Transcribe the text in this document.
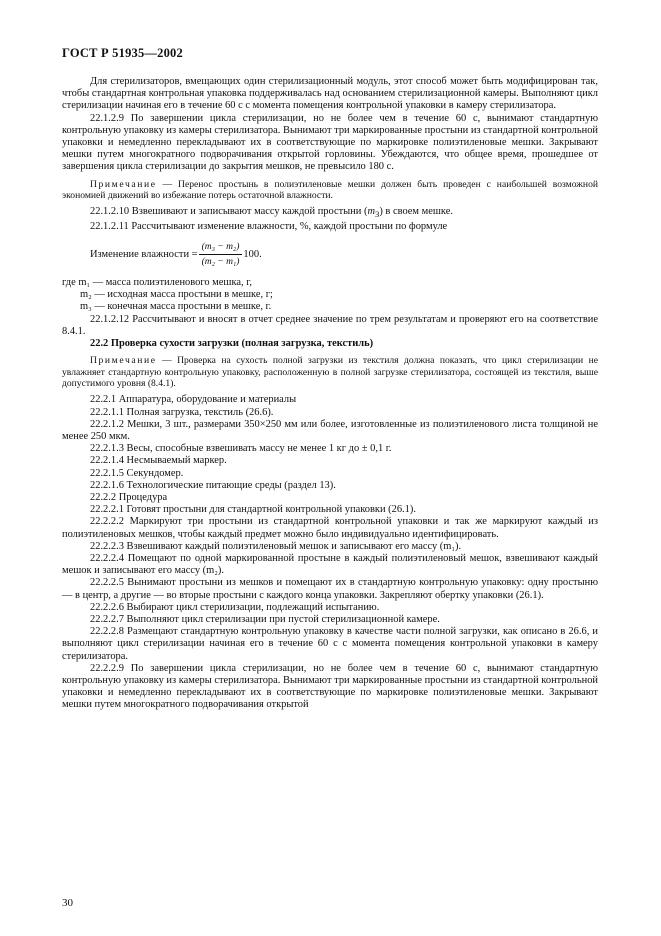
ГОСТ Р 51935—2002

Для стерилизаторов, вмещающих один стерилизационный модуль, этот способ может быть модифицирован так, чтобы стандартная контрольная упаковка поддерживалась над основанием стерилизационной камеры. Выполняют цикл стерилизации начиная его в течение 60 с с момента помещения контрольной упаковки в камеру стерилизатора.

22.1.2.9 По завершении цикла стерилизации, но не более чем в течение 60 с, вынимают стандартную контрольную упаковку из камеры стерилизатора. Вынимают три маркированные простыни из стандартной контрольной упаковки и немедленно перекладывают их в соответствующие по маркировке полиэтиленовые мешки. Закрывают мешки путем многократного подворачивания открытой горловины. Убеждаются, что общее время, прошедшее от завершения цикла стерилизации до закрытия мешков, не превысило 180 с.

Примечание — Перенос простынь в полиэтиленовые мешки должен быть проведен с наибольшей возможной экономией движений во избежание потерь остаточной влажности.

22.1.2.10 Взвешивают и записывают массу каждой простыни $(m_3)$ в своем мешке.

22.1.2.11 Рассчитывают изменение влажности, %, каждой простыни по формуле

Изменение влажности = $\frac{\text{(m₃ − m₂)}}{\text{(m₂ − m₁)}} 100$.
где m₁ — масса полиэтиленового мешка, г,
m₂ — исходная масса простыни в мешке, г;
m₃ — конечная масса простыни в мешке, г.

22.1.2.12 Рассчитывают и вносят в отчет среднее значение по трем результатам и проверяют его на соответствие 8.4.1.

22.2 Проверка сухости загрузки (полная загрузка, текстиль)

Примечание — Проверка на сухость полной загрузки из текстиля должна показать, что цикл стерилизации не увлажняет стандартную контрольную упаковку, расположенную в полной загрузке стерилизатора, состоящей из текстиля, выше допустимого уровня (8.4.1).

22.2.1 Аппаратура, оборудование и материалы

22.2.1.1 Полная загрузка, текстиль (26.6).

22.2.1.2 Мешки, 3 шт., размерами 350×250 мм или более, изготовленные из полиэтиленового листа толщиной не менее 250 мкм.

22.2.1.3 Весы, способные взвешивать массу не менее 1 кг до ± 0,1 г.

22.2.1.4 Несмываемый маркер.

22.2.1.5 Секундомер.

22.2.1.6 Технологические питающие среды (раздел 13).

22.2.2 Процедура

22.2.2.1 Готовят простыни для стандартной контрольной упаковки (26.1).

22.2.2.2 Маркируют три простыни из стандартной контрольной упаковки и так же маркируют каждый из полиэтиленовых мешков, чтобы каждый предмет можно было индивидуально идентифицировать.

22.2.2.3 Взвешивают каждый полиэтиленовый мешок и записывают его массу (m₁).

22.2.2.4 Помещают по одной маркированной простыне в каждый полиэтиленовый мешок, взвешивают каждый мешок и записывают его массу (m₂).

22.2.2.5 Вынимают простыни из мешков и помещают их в стандартную контрольную упаковку: одну простыню — в центр, а другие — во вторые простыни с каждого конца упаковки. Закрепляют обертку упаковки (26.1).

22.2.2.6 Выбирают цикл стерилизации, подлежащий испытанию.

22.2.2.7 Выполняют цикл стерилизации при пустой стерилизационной камере.

22.2.2.8 Размещают стандартную контрольную упаковку в качестве части полной загрузки, как описано в 26.6, и выполняют цикл стерилизации начиная его в течение 60 с с момента помещения контрольной упаковки в камеру стерилизатора.

22.2.2.9 По завершении цикла стерилизации, но не более чем в течение 60 с, вынимают стандартную контрольную упаковку из камеры стерилизатора. Вынимают три маркированные простыни из стандартной контрольной упаковки и немедленно перекладывают их в соответствующие по маркировке полиэтиленовые мешки. Закрывают мешки путем многократного подворачивания открытой

30
